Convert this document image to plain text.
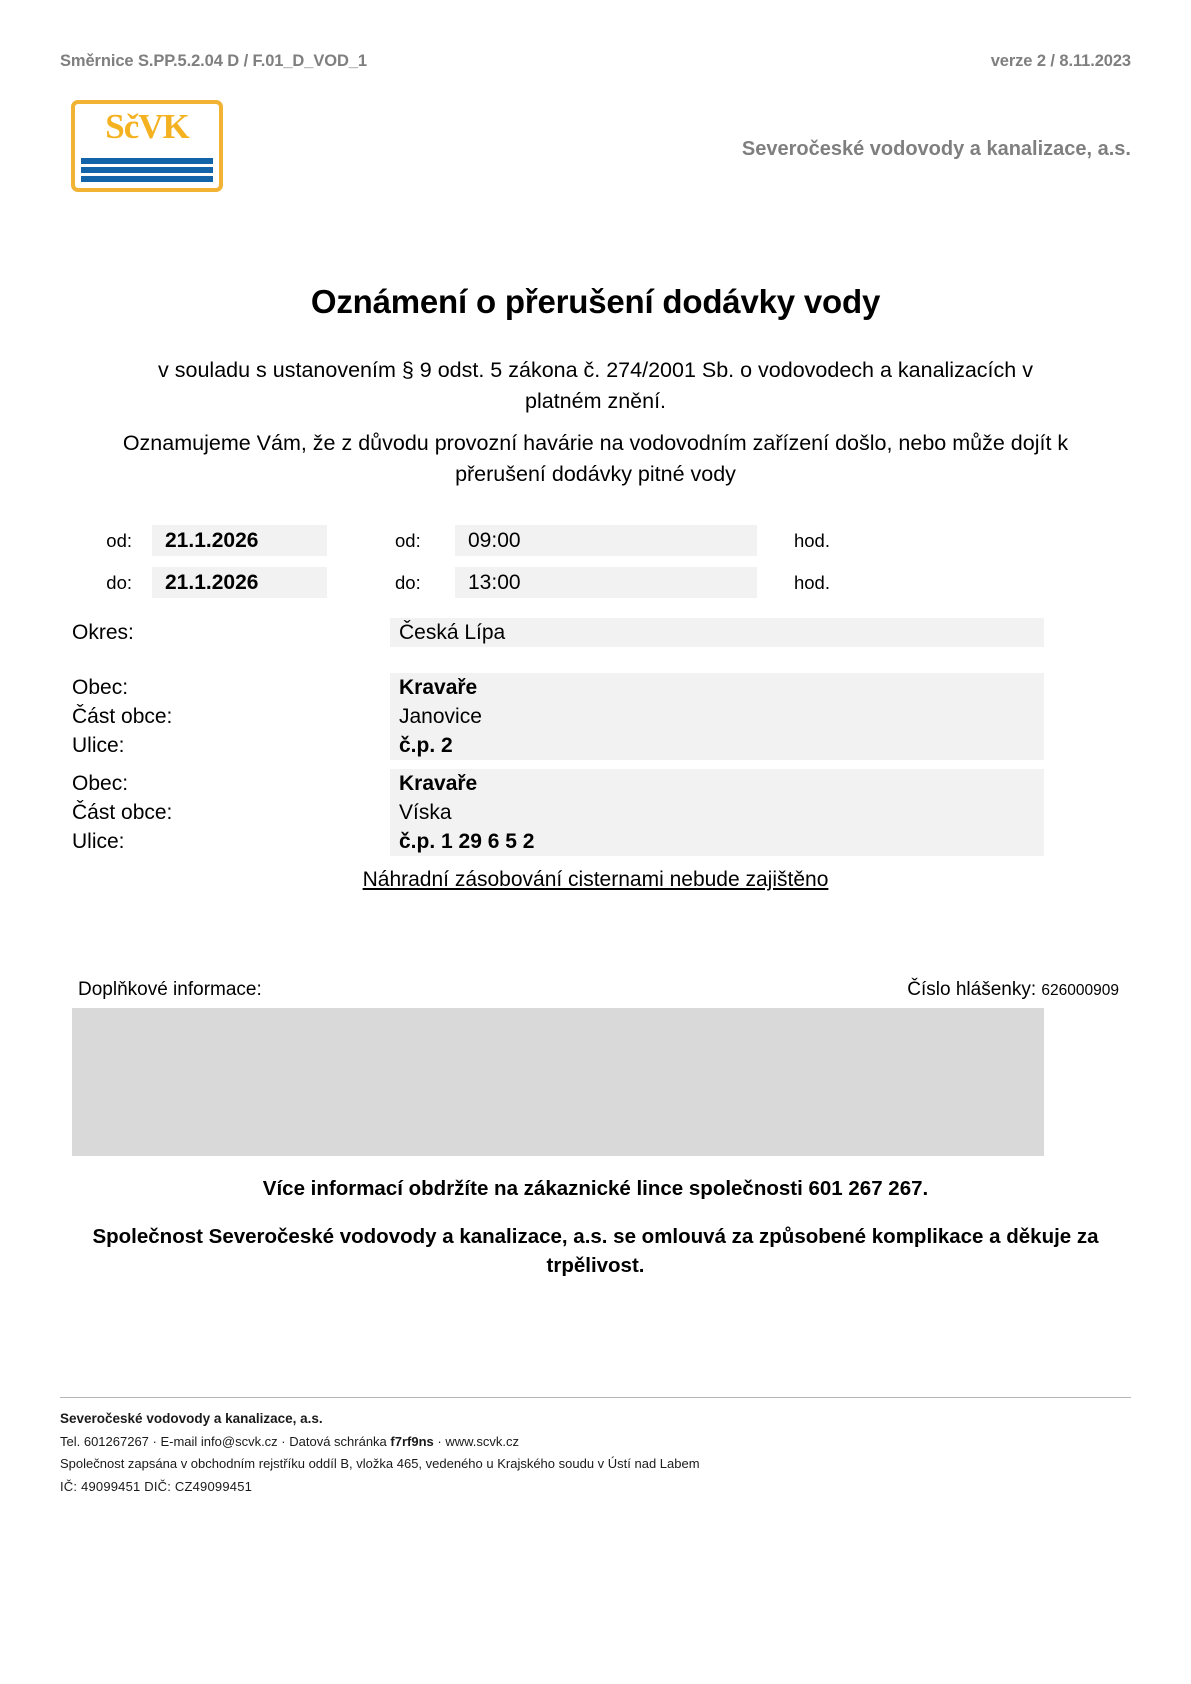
Směrnice S.PP.5.2.04 D / F.01_D_VOD_1	verze 2 / 8.11.2023
SčVK
Severočeské vodovody a kanalizace, a.s.
Oznámení o přerušení dodávky vody
v souladu s ustanovením § 9 odst. 5 zákona č. 274/2001 Sb. o vodovodech a kanalizacích v platném znění.
Oznamujeme Vám, že z důvodu provozní havárie na vodovodním zařízení došlo, nebo může dojít k přerušení dodávky pitné vody
od:	21.1.2026	od:	09:00	hod.
do:	21.1.2026	do:	13:00	hod.
Okres:	Česká Lípa
Obec:	Kravaře
Část obce:	Janovice
Ulice:	č.p. 2
Obec:	Kravaře
Část obce:	Víska
Ulice:	č.p. 1 29 6 5 2
Náhradní zásobování cisternami nebude zajištěno
Doplňkové informace:	Číslo hlášenky: 626000909
Více informací obdržíte na zákaznické lince společnosti 601 267 267.
Společnost Severočeské vodovody a kanalizace, a.s. se omlouvá za způsobené komplikace a děkuje za trpělivost.
Severočeské vodovody a kanalizace, a.s.
Tel. 601267267 · E-mail info@scvk.cz · Datová schránka f7rf9ns · www.scvk.cz
Společnost zapsána v obchodním rejstříku oddíl B, vložka 465, vedeného u Krajského soudu v Ústí nad Labem
IČ: 49099451 DIČ: CZ49099451
